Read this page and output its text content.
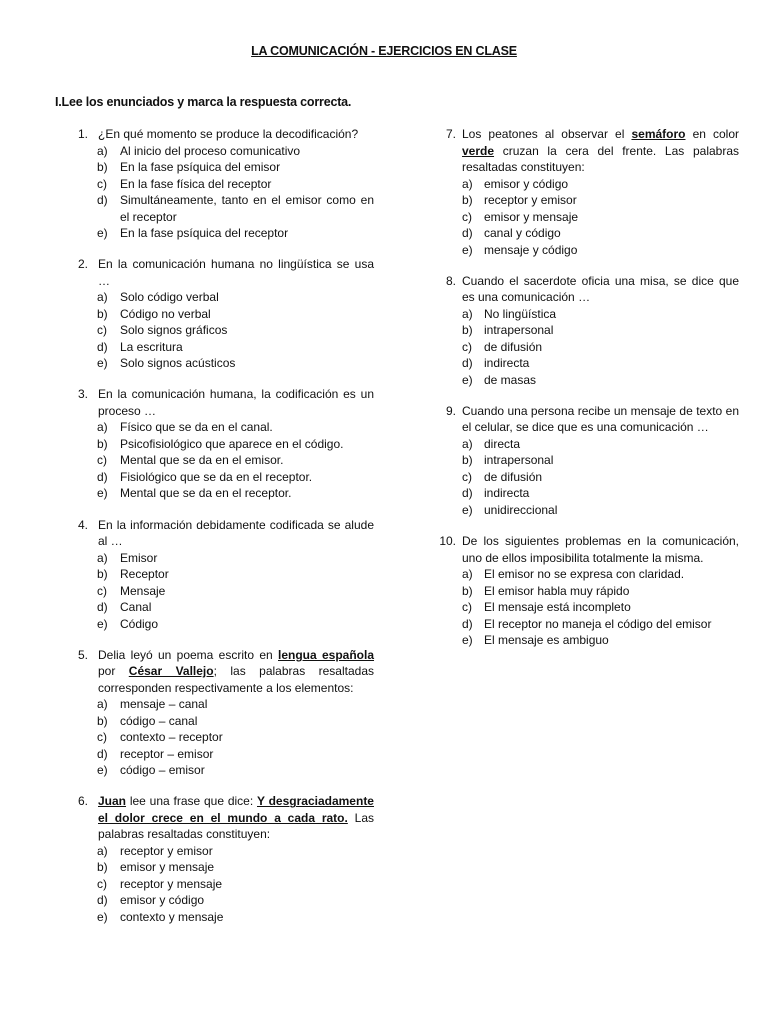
LA COMUNICACIÓN - EJERCICIOS EN CLASE
I.Lee los enunciados y marca la respuesta correcta.
1. ¿En qué momento se produce la decodificación?
a) Al inicio del proceso comunicativo
b) En la fase psíquica del emisor
c) En la fase física del receptor
d) Simultáneamente, tanto en el emisor como en el receptor
e) En la fase psíquica del receptor
2. En la comunicación humana no lingüística se usa …
a) Solo código verbal
b) Código no verbal
c) Solo signos gráficos
d) La escritura
e) Solo signos acústicos
3. En la comunicación humana, la codificación es un proceso …
a) Físico que se da en el canal.
b) Psicofisiológico que aparece en el código.
c) Mental que se da en el emisor.
d) Fisiológico que se da en el receptor.
e) Mental que se da en el receptor.
4. En la información debidamente codificada se alude al …
a) Emisor
b) Receptor
c) Mensaje
d) Canal
e) Código
5. Delia leyó un poema escrito en lengua española por César Vallejo; las palabras resaltadas corresponden respectivamente a los elementos:
a) mensaje – canal
b) código – canal
c) contexto – receptor
d) receptor – emisor
e) código – emisor
6. Juan lee una frase que dice: Y desgraciadamente el dolor crece en el mundo a cada rato. Las palabras resaltadas constituyen:
a) receptor y emisor
b) emisor y mensaje
c) receptor y mensaje
d) emisor y código
e) contexto y mensaje
7. Los peatones al observar el semáforo en color verde cruzan la cera del frente. Las palabras resaltadas constituyen:
a) emisor y código
b) receptor y emisor
c) emisor y mensaje
d) canal y código
e) mensaje y código
8. Cuando el sacerdote oficia una misa, se dice que es una comunicación …
a) No lingüística
b) intrapersonal
c) de difusión
d) indirecta
e) de masas
9. Cuando una persona recibe un mensaje de texto en el celular, se dice que es una comunicación …
a) directa
b) intrapersonal
c) de difusión
d) indirecta
e) unidireccional
10. De los siguientes problemas en la comunicación, uno de ellos imposibilita totalmente la misma.
a) El emisor no se expresa con claridad.
b) El emisor habla muy rápido
c) El mensaje está incompleto
d) El receptor no maneja el código del emisor
e) El mensaje es ambiguo
